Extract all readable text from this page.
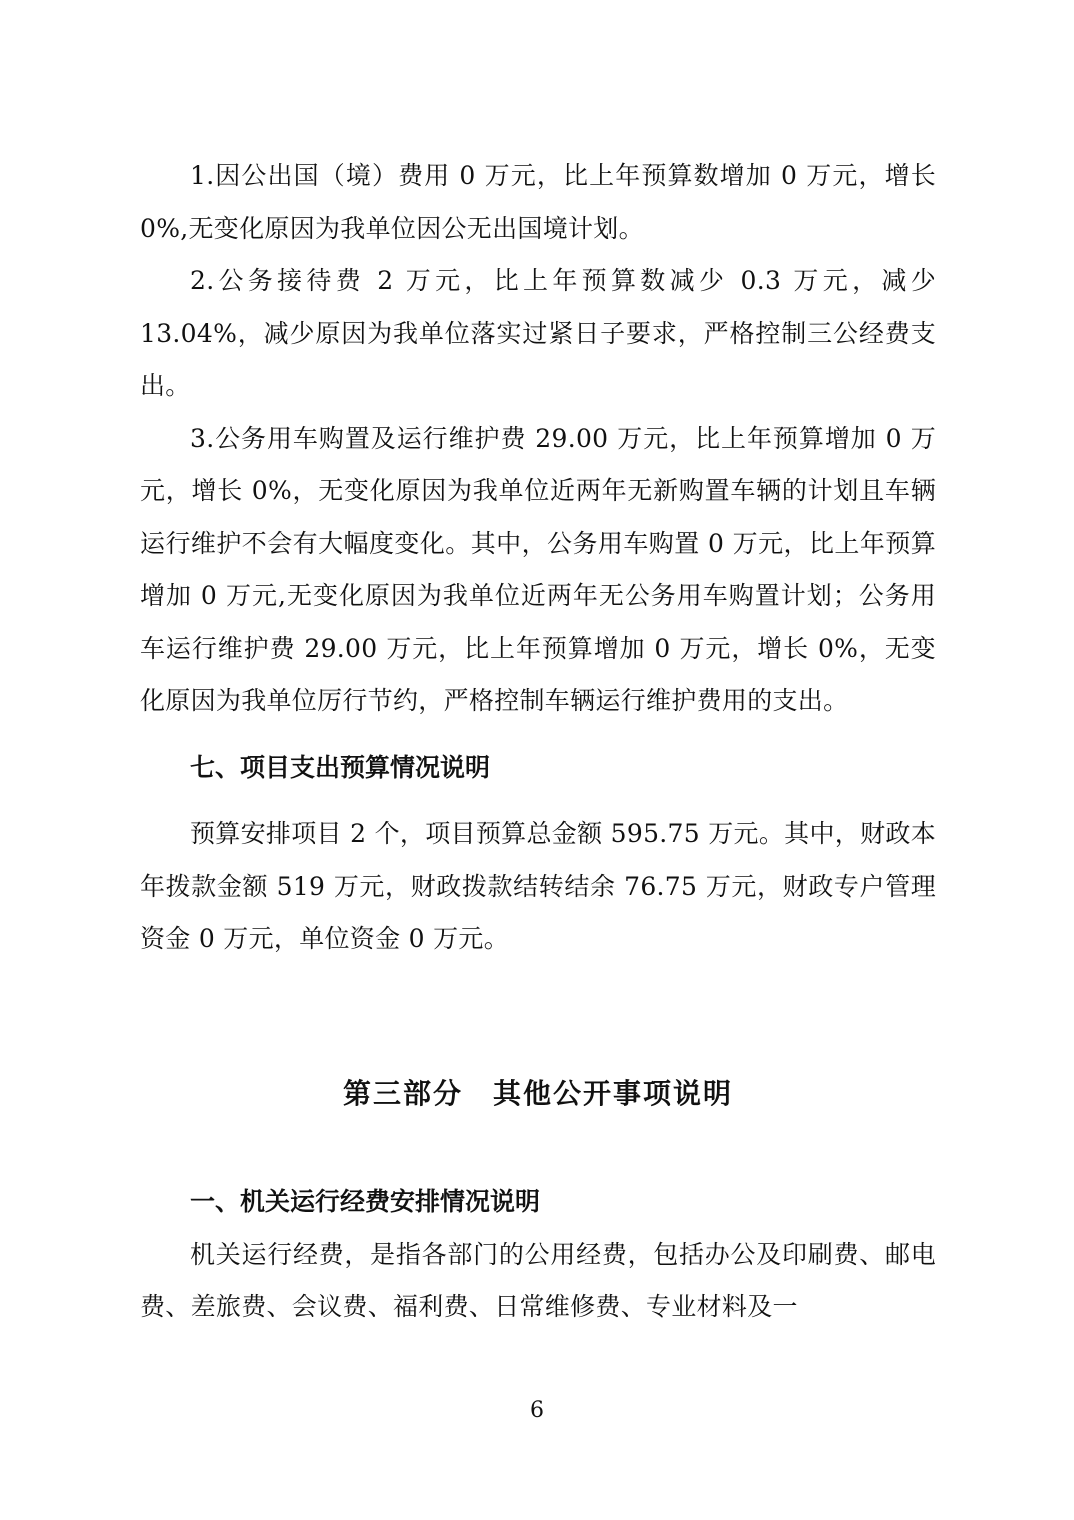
1.因公出国（境）费用 0 万元，比上年预算数增加 0 万元，增长 0%,无变化原因为我单位因公无出国境计划。

2.公务接待费 2 万元，比上年预算数减少 0.3 万元，减少 13.04%，减少原因为我单位落实过紧日子要求，严格控制三公经费支出。

3.公务用车购置及运行维护费 29.00 万元，比上年预算增加 0 万元，增长 0%，无变化原因为我单位近两年无新购置车辆的计划且车辆运行维护不会有大幅度变化。其中，公务用车购置 0 万元，比上年预算增加 0 万元,无变化原因为我单位近两年无公务用车购置计划；公务用车运行维护费 29.00 万元，比上年预算增加 0 万元，增长 0%，无变化原因为我单位厉行节约，严格控制车辆运行维护费用的支出。

七、项目支出预算情况说明

预算安排项目 2 个，项目预算总金额 595.75 万元。其中，财政本年拨款金额 519 万元，财政拨款结转结余 76.75 万元，财政专户管理资金 0 万元，单位资金 0 万元。

第三部分　其他公开事项说明

一、机关运行经费安排情况说明

机关运行经费，是指各部门的公用经费，包括办公及印刷费、邮电费、差旅费、会议费、福利费、日常维修费、专业材料及一

6
